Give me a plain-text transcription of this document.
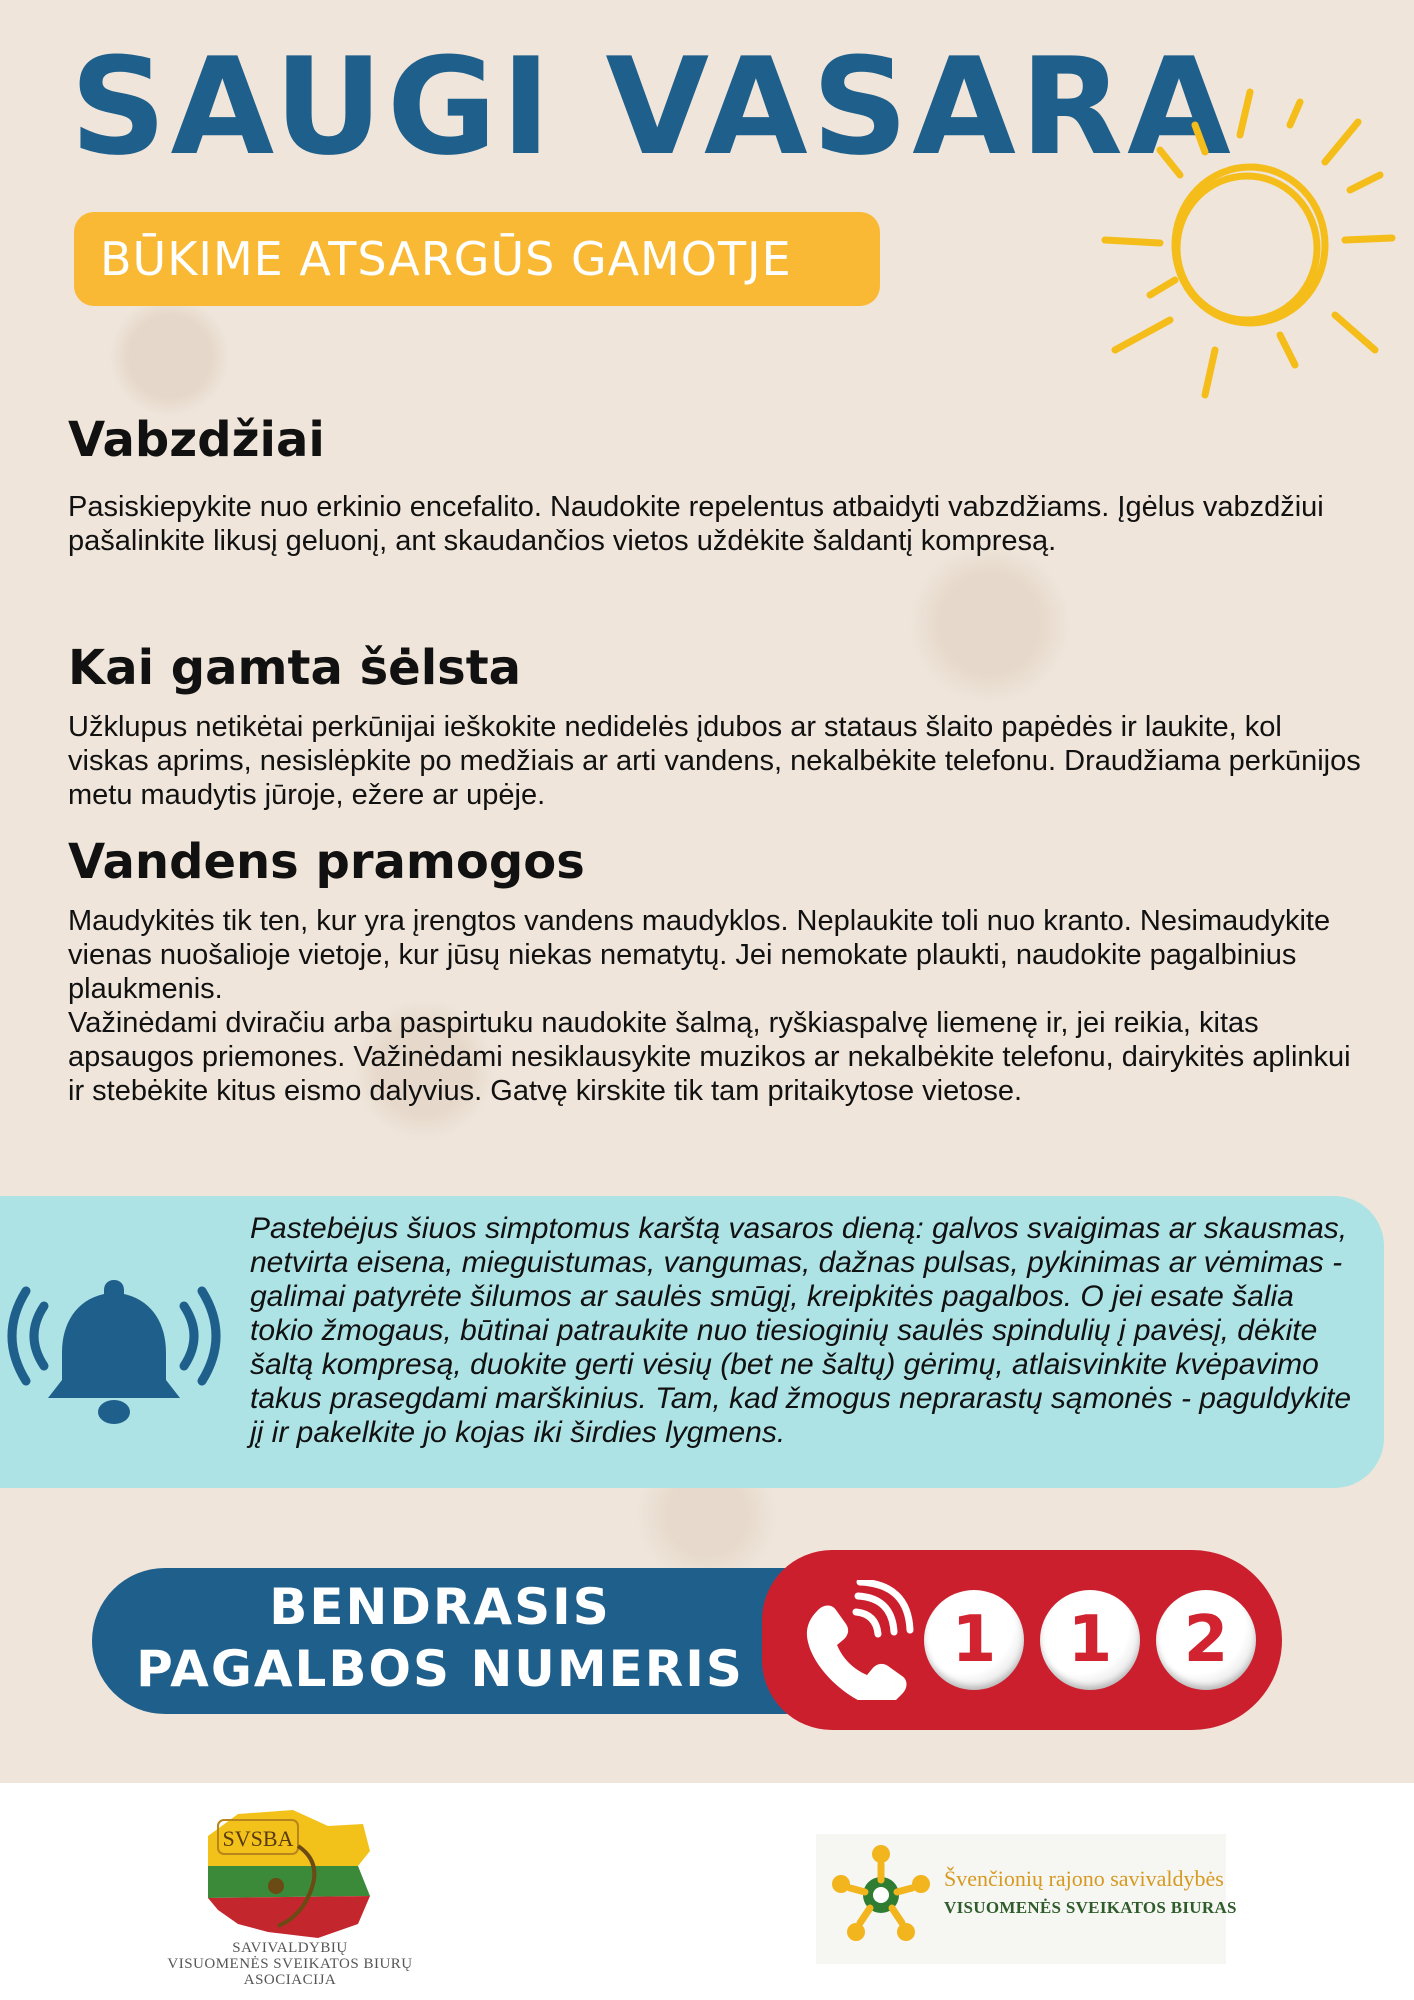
SAUGI VASARA
BŪKIME ATSARGŪS GAMOTJE
Vabzdžiai

Pasiskiepykite nuo erkinio encefalito. Naudokite repelentus atbaidyti vabzdžiams. Įgėlus vabzdžiui pašalinkite likusį geluonį, ant skaudančios vietos uždėkite šaldantį kompresą.

Kai gamta šėlsta

Užklupus netikėtai perkūnijai ieškokite nedidelės įdubos ar stataus šlaito papėdės ir laukite, kol viskas aprims, nesislėpkite po medžiais ar arti vandens, nekalbėkite telefonu. Draudžiama perkūnijos metu maudytis jūroje, ežere ar upėje.

Vandens pramogos

Maudykitės tik ten, kur yra įrengtos vandens maudyklos. Neplaukite toli nuo kranto. Nesimaudykite vienas nuošalioje vietoje, kur jūsų niekas nematytų. Jei nemokate plaukti, naudokite pagalbinius plaukmenis.

Važinėdami dviračiu arba paspirtuku naudokite šalmą, ryškiaspalvę liemenę ir, jei reikia, kitas apsaugos priemones. Važinėdami nesiklausykite muzikos ar nekalbėkite telefonu, dairykitės aplinkui ir stebėkite kitus eismo dalyvius. Gatvę kirskite tik tam pritaikytose vietose.

Pastebėjus šiuos simptomus karštą vasaros dieną: galvos svaigimas ar skausmas, netvirta eisena, mieguistumas, vangumas, dažnas pulsas, pykinimas ar vėmimas - galimai patyrėte šilumos ar saulės smūgį, kreipkitės pagalbos. O jei esate šalia tokio žmogaus, būtinai patraukite nuo tiesioginių saulės spindulių į pavėsį, dėkite šaltą kompresą, duokite gerti vėsių (bet ne šaltų) gėrimų, atlaisvinkite kvėpavimo takus prasegdami marškinius. Tam, kad žmogus neprarastų sąmonės - paguldykite jį ir pakelkite jo kojas iki širdies lygmens.

BENDRASIS
PAGALBOS NUMERIS	1	1	2
SVSBA
SAVIVALDYBIŲ
VISUOMENĖS SVEIKATOS BIURŲ
ASOCIACIJA

Švenčionių rajono savivaldybės

VISUOMENĖS SVEIKATOS BIURAS
